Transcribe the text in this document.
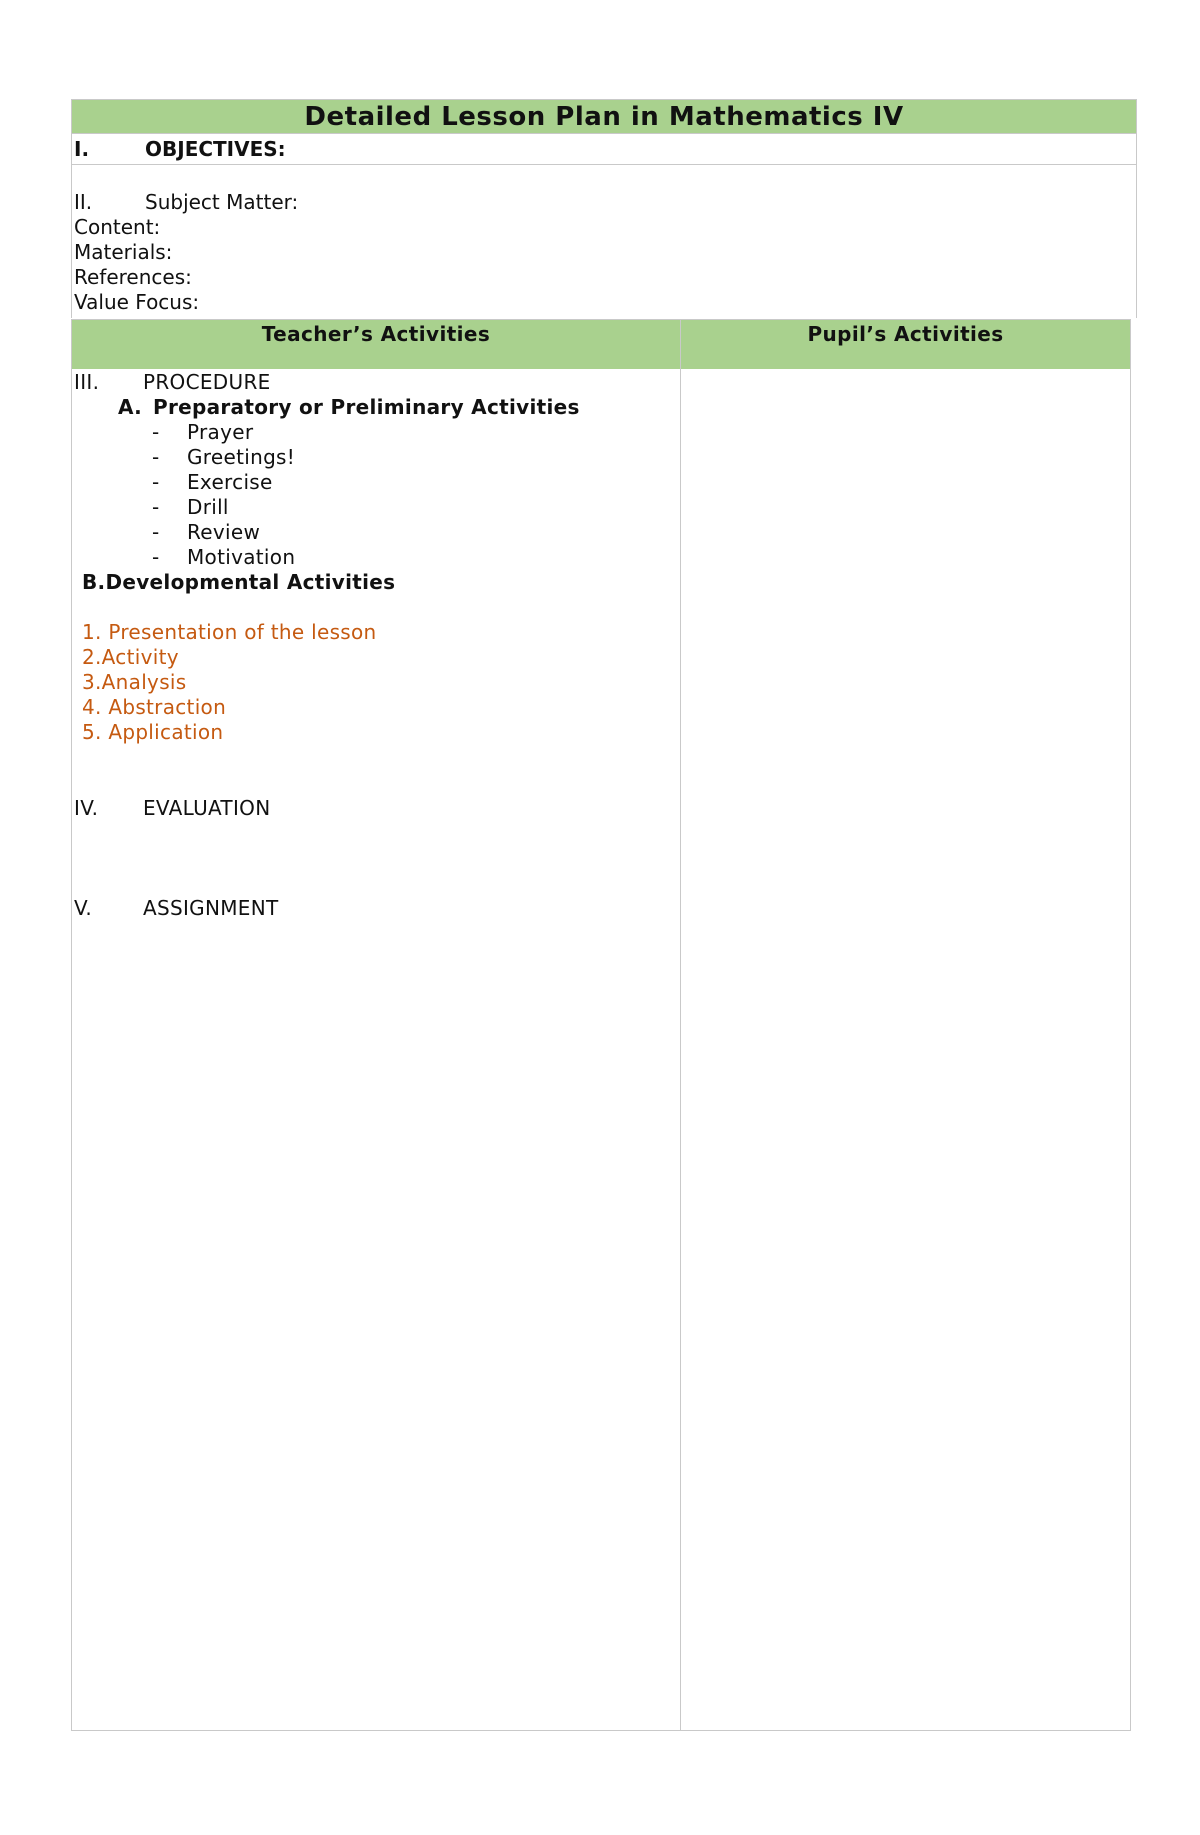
Detailed Lesson Plan in Mathematics IV
I.	OBJECTIVES:
II.	Subject Matter:
Content:
Materials:
References:
Value Focus:
Teacher’s Activities	Pupil’s Activities
III. PROCEDURE
A. Preparatory or Preliminary Activities
- Prayer
- Greetings!
- Exercise
- Drill
- Review
- Motivation
B.Developmental Activities
1. Presentation of the lesson
2.Activity
3.Analysis
4. Abstraction
5. Application
IV. EVALUATION
V.	ASSIGNMENT
